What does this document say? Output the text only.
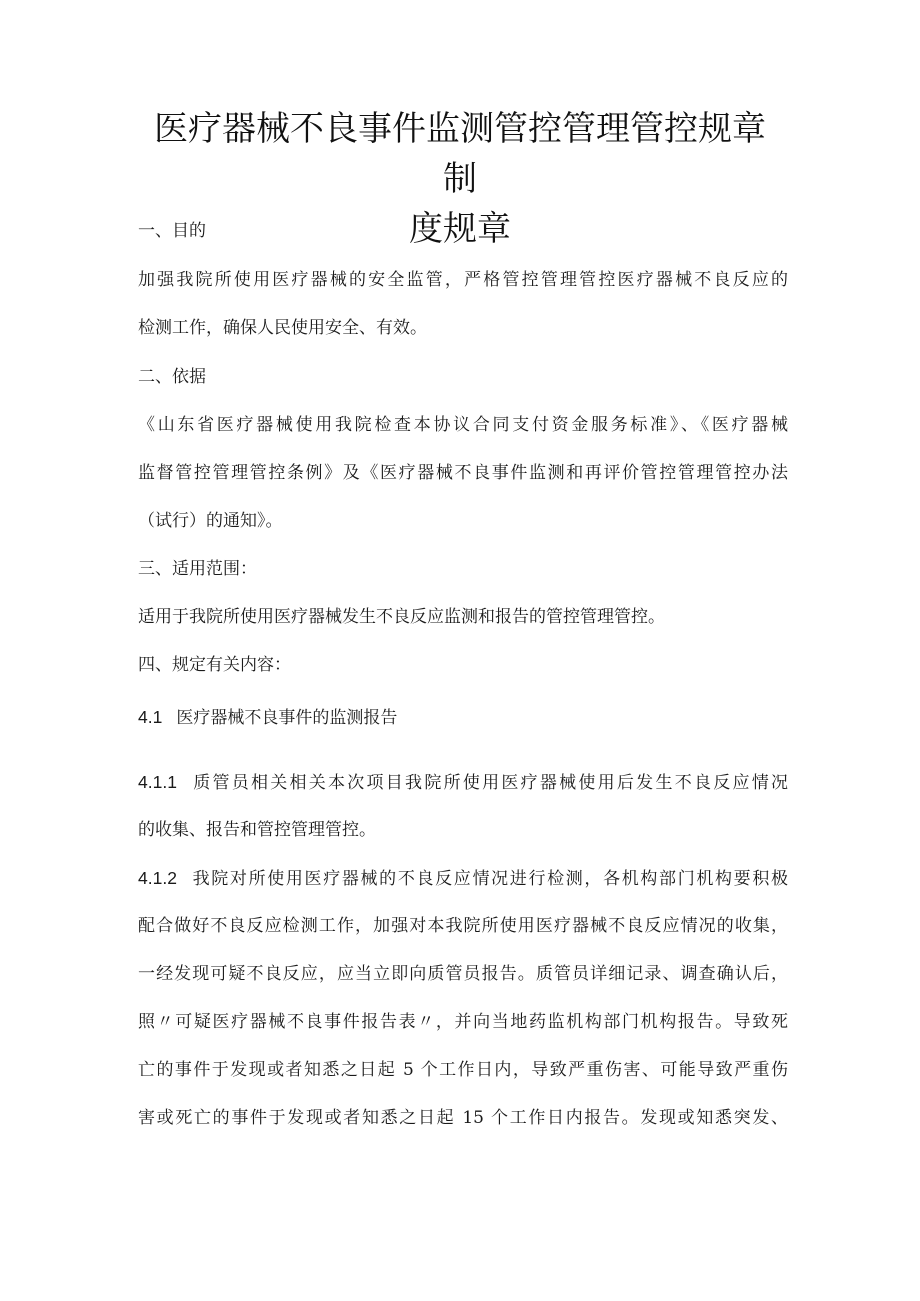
医疗器械不良事件监测管控管理管控规章制
度规章

一、目的

加强我院所使用医疗器械的安全监管，严格管控管理管控医疗器械不良反应的

检测工作，确保人民使用安全、有效。

二、依据

《山东省医疗器械使用我院检查本协议合同支付资金服务标准》、《医疗器械

监督管控管理管控条例》及《医疗器械不良事件监测和再评价管控管理管控办法

（试行）的通知》。

三、适用范围：

适用于我院所使用医疗器械发生不良反应监测和报告的管控管理管控。

四、规定有关内容：

4.1 医疗器械不良事件的监测报告

4.1.1 质管员相关相关本次项目我院所使用医疗器械使用后发生不良反应情况

的收集、报告和管控管理管控。

4.1.2 我院对所使用医疗器械的不良反应情况进行检测，各机构部门机构要积极

配合做好不良反应检测工作，加强对本我院所使用医疗器械不良反应情况的收集，

一经发现可疑不良反应，应当立即向质管员报告。质管员详细记录、调查确认后，

照〃可疑医疗器械不良事件报告表〃，并向当地药监机构部门机构报告。导致死

亡的事件于发现或者知悉之日起 5 个工作日内，导致严重伤害、可能导致严重伤

害或死亡的事件于发现或者知悉之日起 15 个工作日内报告。发现或知悉突发、
